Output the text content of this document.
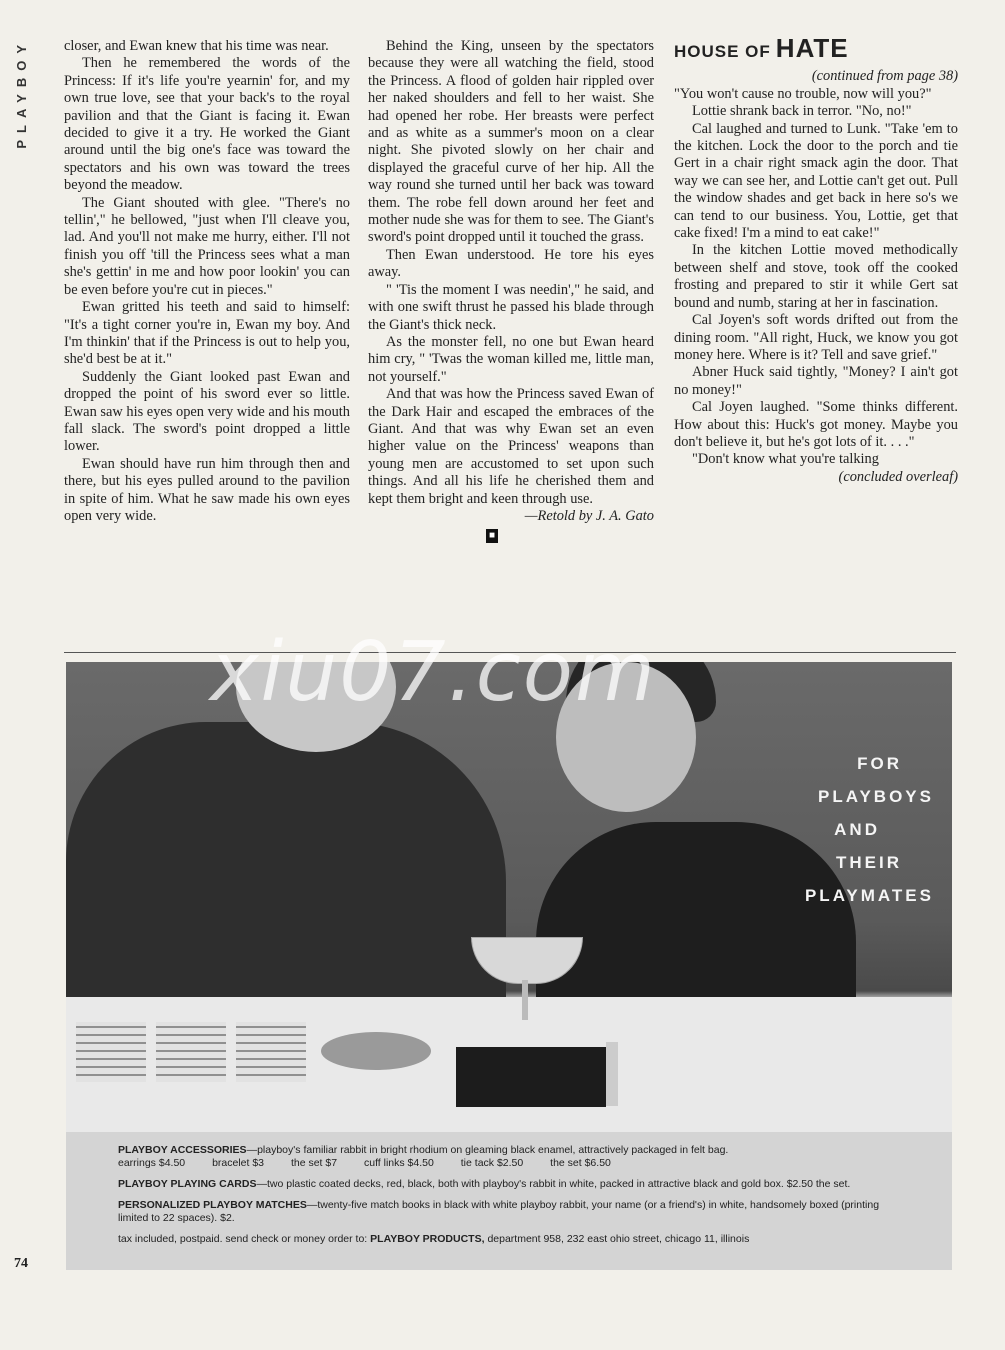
PLAYBOY
74

closer, and Ewan knew that his time was near.

Then he remembered the words of the Princess: If it's life you're yearnin' for, and my own true love, see that your back's to the royal pavilion and that the Giant is facing it. Ewan decided to give it a try. He worked the Giant around until the big one's face was toward the spectators and his own was toward the trees beyond the meadow.

The Giant shouted with glee. "There's no tellin'," he bellowed, "just when I'll cleave you, lad. And you'll not make me hurry, either. I'll not finish you off 'till the Princess sees what a man she's gettin' in me and how poor lookin' you can be even before you're cut in pieces."

Ewan gritted his teeth and said to himself: "It's a tight corner you're in, Ewan my boy. And I'm thinkin' that if the Princess is out to help you, she'd best be at it."

Suddenly the Giant looked past Ewan and dropped the point of his sword ever so little. Ewan saw his eyes open very wide and his mouth fall slack. The sword's point dropped a little lower.

Ewan should have run him through then and there, but his eyes pulled around to the pavilion in spite of him. What he saw made his own eyes open very wide.

Behind the King, unseen by the spectators because they were all watching the field, stood the Princess. A flood of golden hair rippled over her naked shoulders and fell to her waist. She had opened her robe. Her breasts were perfect and as white as a summer's moon on a clear night. She pivoted slowly on her chair and displayed the graceful curve of her hip. All the way round she turned until her back was toward them. The robe fell down around her feet and mother nude she was for them to see. The Giant's sword's point dropped until it touched the grass.

Then Ewan understood. He tore his eyes away.

" 'Tis the moment I was needin'," he said, and with one swift thrust he passed his blade through the Giant's thick neck.

As the monster fell, no one but Ewan heard him cry, " 'Twas the woman killed me, little man, not yourself."

And that was how the Princess saved Ewan of the Dark Hair and escaped the embraces of the Giant. And that was why Ewan set an even higher value on the Princess' weapons than young men are accustomed to set upon such things. And all his life he cherished them and kept them bright and keen through use.

—Retold by J. A. Gato

■
HOUSE OF HATE

(continued from page 38)

"You won't cause no trouble, now will you?"

Lottie shrank back in terror. "No, no!"

Cal laughed and turned to Lunk. "Take 'em to the kitchen. Lock the door to the porch and tie Gert in a chair right smack agin the door. That way we can see her, and Lottie can't get out. Pull the window shades and get back in here so's we can tend to our business. You, Lottie, get that cake fixed! I'm a mind to eat cake!"

In the kitchen Lottie moved methodically between shelf and stove, took off the cooked frosting and prepared to stir it while Gert sat bound and numb, staring at her in fascination.

Cal Joyen's soft words drifted out from the dining room. "All right, Huck, we know you got money here. Where is it? Tell and save grief."

Abner Huck said tightly, "Money? I ain't got no money!"

Cal Joyen laughed. "Some thinks different. How about this: Huck's got money. Maybe you don't believe it, but he's got lots of it. . . ."

"Don't know what you're talking

(concluded overleaf)

FOR
PLAYBOYS
AND
THEIR
PLAYMATES
xiu07.com

PLAYBOY ACCESSORIES—playboy's familiar rabbit in bright rhodium on gleaming black enamel, attractively packaged in felt bag.
earrings $4.50	bracelet $3	the set $7	cuff links $4.50	tie tack $2.50	the set $6.50

PLAYBOY PLAYING CARDS—two plastic coated decks, red, black, both with playboy's rabbit in white, packed in attractive black and gold box. $2.50 the set.

PERSONALIZED PLAYBOY MATCHES—twenty-five match books in black with white playboy rabbit, your name (or a friend's) in white, handsomely boxed (printing limited to 22 spaces). $2.

tax included, postpaid. send check or money order to: PLAYBOY PRODUCTS, department 958, 232 east ohio street, chicago 11, illinois
